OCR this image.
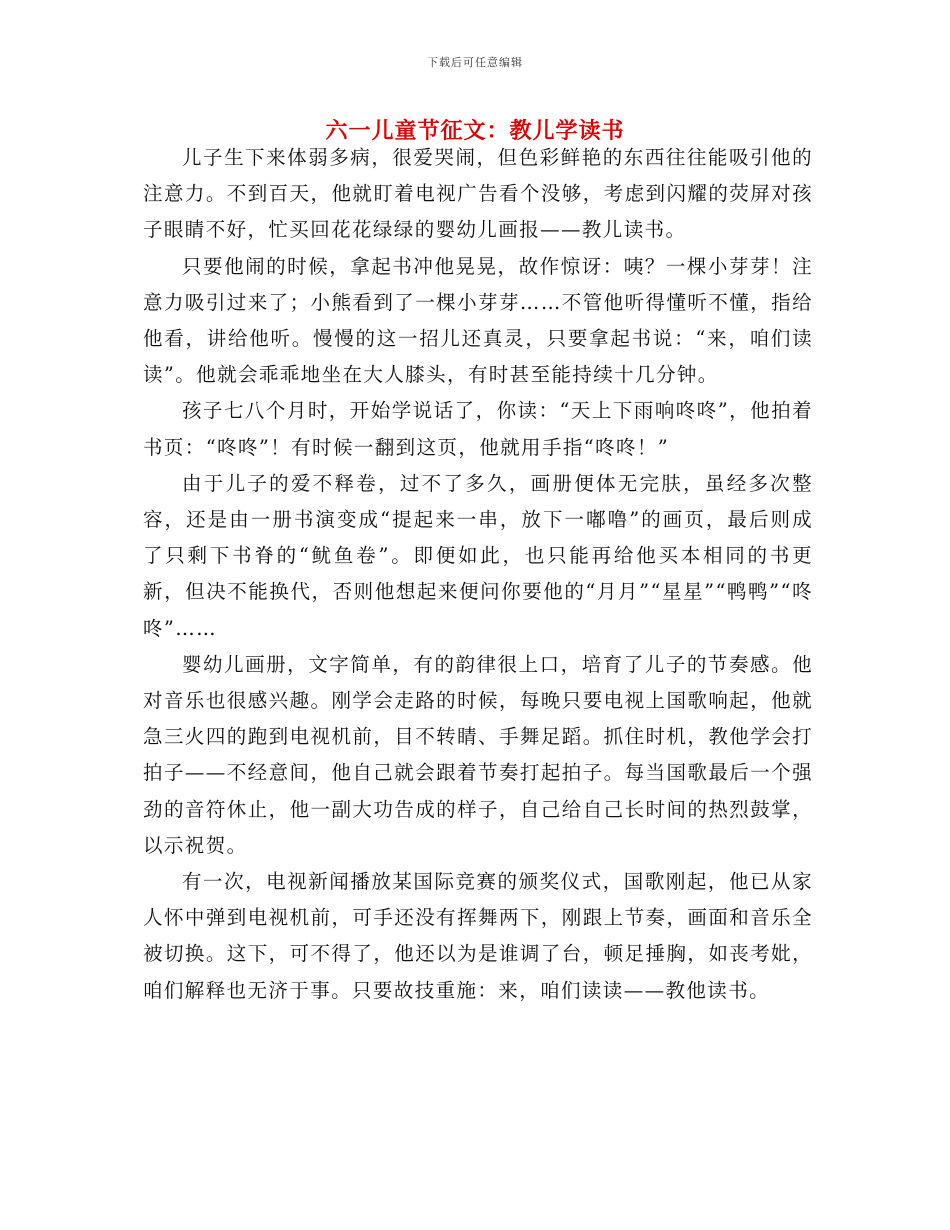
下载后可任意编辑
六一儿童节征文：教儿学读书

儿子生下来体弱多病，很爱哭闹，但色彩鲜艳的东西往往能吸引他的注意力。不到百天，他就盯着电视广告看个没够，考虑到闪耀的荧屏对孩子眼睛不好，忙买回花花绿绿的婴幼儿画报——教儿读书。

只要他闹的时候，拿起书冲他晃晃，故作惊讶：咦？一棵小芽芽！注意力吸引过来了；小熊看到了一棵小芽芽……不管他听得懂听不懂，指给他看，讲给他听。慢慢的这一招儿还真灵，只要拿起书说：“来，咱们读读”。他就会乖乖地坐在大人膝头，有时甚至能持续十几分钟。

孩子七八个月时，开始学说话了，你读：“天上下雨响咚咚”，他拍着书页：“咚咚”！有时候一翻到这页，他就用手指“咚咚！”

由于儿子的爱不释卷，过不了多久，画册便体无完肤，虽经多次整容，还是由一册书演变成“提起来一串，放下一嘟噜”的画页，最后则成了只剩下书脊的“鱿鱼卷”。即便如此，也只能再给他买本相同的书更新，但决不能换代，否则他想起来便问你要他的“月月”“星星”“鸭鸭”“咚咚”……

婴幼儿画册，文字简单，有的韵律很上口，培育了儿子的节奏感。他对音乐也很感兴趣。刚学会走路的时候，每晚只要电视上国歌响起，他就急三火四的跑到电视机前，目不转睛、手舞足蹈。抓住时机，教他学会打拍子——不经意间，他自己就会跟着节奏打起拍子。每当国歌最后一个强劲的音符休止，他一副大功告成的样子，自己给自己长时间的热烈鼓掌，以示祝贺。

有一次，电视新闻播放某国际竞赛的颁奖仪式，国歌刚起，他已从家人怀中弹到电视机前，可手还没有挥舞两下，刚跟上节奏，画面和音乐全被切换。这下，可不得了，他还以为是谁调了台，顿足捶胸，如丧考妣，咱们解释也无济于事。只要故技重施：来，咱们读读——教他读书。
